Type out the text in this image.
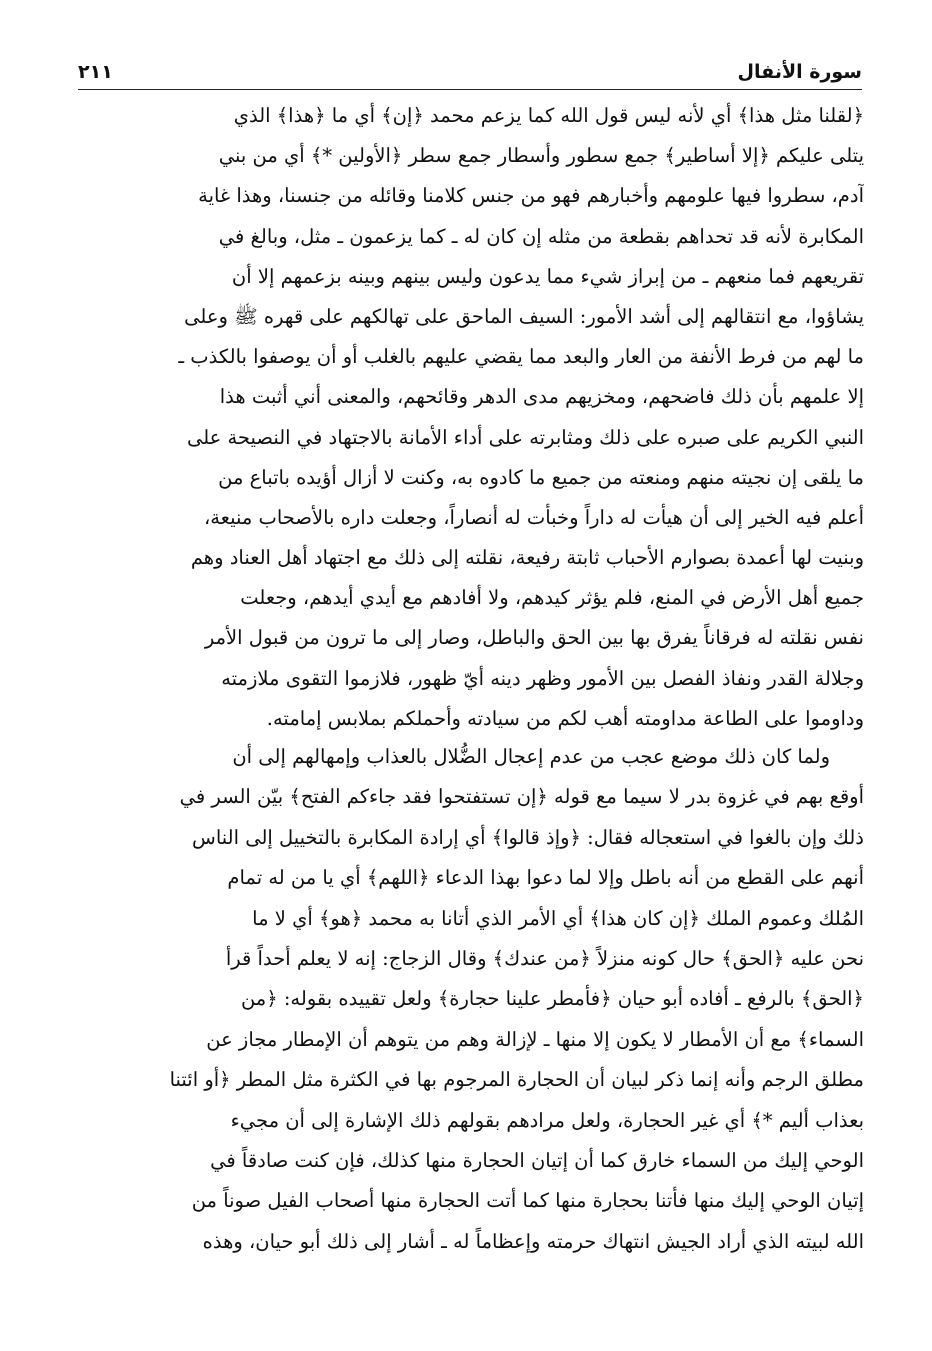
سورة الأنفال
٢١١
﴿لقلنا مثل هذا﴾ أي لأنه ليس قول الله كما يزعم محمد ﴿إن﴾ أي ما ﴿هذا﴾ الذي
يتلى عليكم ﴿إلا أساطير﴾ جمع سطور وأسطار جمع سطر ﴿الأولين *﴾ أي من بني
آدم، سطروا فيها علومهم وأخبارهم فهو من جنس كلامنا وقائله من جنسنا، وهذا غاية
المكابرة لأنه قد تحداهم بقطعة من مثله إن كان له ـ كما يزعمون ـ مثل، وبالغ في
تقريعهم فما منعهم ـ من إبراز شيء مما يدعون وليس بينهم وبينه بزعمهم إلا أن
يشاؤوا، مع انتقالهم إلى أشد الأمور: السيف الماحق على تهالكهم على قهره ﷺ وعلى
ما لهم من فرط الأنفة من العار والبعد مما يقضي عليهم بالغلب أو أن يوصفوا بالكذب ـ
إلا علمهم بأن ذلك فاضحهم، ومخزيهم مدى الدهر وقائحهم، والمعنى أني أثبت هذا
النبي الكريم على صبره على ذلك ومثابرته على أداء الأمانة بالاجتهاد في النصيحة على
ما يلقى إن نجيته منهم ومنعته من جميع ما كادوه به، وكنت لا أزال أؤيده باتباع من
أعلم فيه الخير إلى أن هيأت له داراً وخبأت له أنصاراً، وجعلت داره بالأصحاب منيعة،
وبنيت لها أعمدة بصوارم الأحباب ثابتة رفيعة، نقلته إلى ذلك مع اجتهاد أهل العناد وهم
جميع أهل الأرض في المنع، فلم يؤثر كيدهم، ولا أفادهم مع أيدي أيدهم، وجعلت
نفس نقلته له فرقاناً يفرق بها بين الحق والباطل، وصار إلى ما ترون من قبول الأمر
وجلالة القدر ونفاذ الفصل بين الأمور وظهر دينه أيّ ظهور، فلازموا التقوى ملازمته
وداوموا على الطاعة مداومته أهب لكم من سيادته وأحملكم بملابس إمامته.
ولما كان ذلك موضع عجب من عدم إعجال الضُّلال بالعذاب وإمهالهم إلى أن
أوقع بهم في غزوة بدر لا سيما مع قوله ﴿إن تستفتحوا فقد جاءكم الفتح﴾ بيّن السر في
ذلك وإن بالغوا في استعجاله فقال: ﴿وإذ قالوا﴾ أي إرادة المكابرة بالتخييل إلى الناس
أنهم على القطع من أنه باطل وإلا لما دعوا بهذا الدعاء ﴿اللهم﴾ أي يا من له تمام
المُلك وعموم الملك ﴿إن كان هذا﴾ أي الأمر الذي أتانا به محمد ﴿هو﴾ أي لا ما
نحن عليه ﴿الحق﴾ حال كونه منزلاً ﴿من عندك﴾ وقال الزجاج: إنه لا يعلم أحداً قرأ
﴿الحق﴾ بالرفع ـ أفاده أبو حيان ﴿فأمطر علينا حجارة﴾ ولعل تقييده بقوله: ﴿من
السماء﴾ مع أن الأمطار لا يكون إلا منها ـ لإزالة وهم من يتوهم أن الإمطار مجاز عن
مطلق الرجم وأنه إنما ذكر لبيان أن الحجارة المرجوم بها في الكثرة مثل المطر ﴿أو ائتنا
بعذاب أليم *﴾ أي غير الحجارة، ولعل مرادهم بقولهم ذلك الإشارة إلى أن مجيء
الوحي إليك من السماء خارق كما أن إتيان الحجارة منها كذلك، فإن كنت صادقاً في
إتيان الوحي إليك منها فأتنا بحجارة منها كما أتت الحجارة منها أصحاب الفيل صوناً من
الله لبيته الذي أراد الجيش انتهاك حرمته وإعظاماً له ـ أشار إلى ذلك أبو حيان، وهذه
